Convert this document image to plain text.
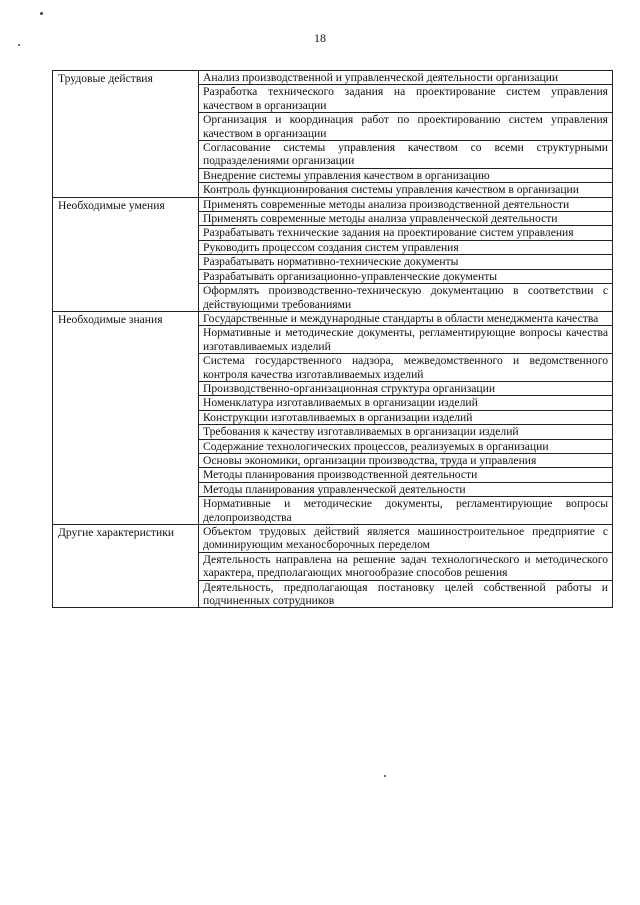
18
Трудовые действия	Анализ производственной и управленческой деятельности организации
	Разработка технического задания на проектирование систем управления качеством в организации
	Организация и координация работ по проектированию систем управления качеством в организации
	Согласование системы управления качеством со всеми структурными подразделениями организации
	Внедрение системы управления качеством в организацию
	Контроль функционирования системы управления качеством в организации
Необходимые умения	Применять современные методы анализа производственной деятельности
	Применять современные методы анализа управленческой деятельности
	Разрабатывать технические задания на проектирование систем управления
	Руководить процессом создания систем управления
	Разрабатывать нормативно-технические документы
	Разрабатывать организационно-управленческие документы
	Оформлять производственно-техническую документацию в соответствии с действующими требованиями
Необходимые знания	Государственные и международные стандарты в области менеджмента качества
	Нормативные и методические документы, регламентирующие вопросы качества изготавливаемых изделий
	Система государственного надзора, межведомственного и ведомственного контроля качества изготавливаемых изделий
	Производственно-организационная структура организации
	Номенклатура изготавливаемых в организации изделий
	Конструкции изготавливаемых в организации изделий
	Требования к качеству изготавливаемых в организации изделий
	Содержание технологических процессов, реализуемых в организации
	Основы экономики, организации производства, труда и управления
	Методы планирования производственной деятельности
	Методы планирования управленческой деятельности
	Нормативные и методические документы, регламентирующие вопросы делопроизводства
Другие характеристики	Объектом трудовых действий является машиностроительное предприятие с доминирующим механосборочных переделом
	Деятельность направлена на решение задач технологического и методического характера, предполагающих многообразие способов решения
	Деятельность, предполагающая постановку целей собственной работы и подчиненных сотрудников
